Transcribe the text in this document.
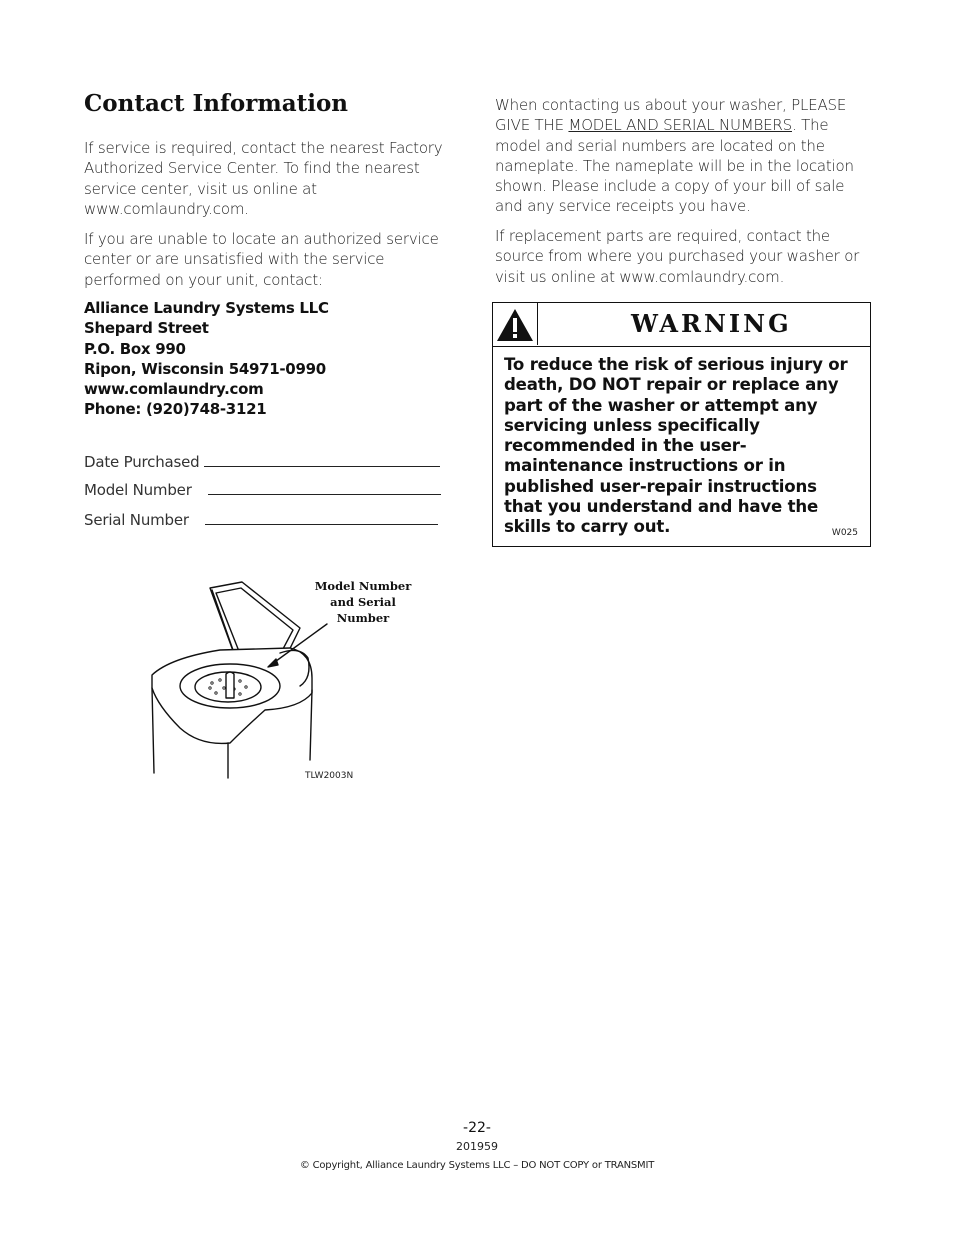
Contact Information
If service is required, contact the nearest Factory Authorized Service Center. To find the nearest service center, visit us online at www.comlaundry.com.
If you are unable to locate an authorized service center or are unsatisfied with the service performed on your unit, contact:
Alliance Laundry Systems LLC
Shepard Street
P.O. Box 990
Ripon, Wisconsin 54971-0990
www.comlaundry.com
Phone: (920)748-3121
Date Purchased
Model Number
Serial Number
When contacting us about your washer, PLEASE GIVE THE MODEL AND SERIAL NUMBERS. The model and serial numbers are located on the nameplate. The nameplate will be in the location shown. Please include a copy of your bill of sale and any service receipts you have.
If replacement parts are required, contact the source from where you purchased your washer or visit us online at www.comlaundry.com.
WARNING
To reduce the risk of serious injury or death, DO NOT repair or replace any part of the washer or attempt any servicing unless specifically recommended in the user-maintenance instructions or in published user-repair instructions that you understand and have the skills to carry out.	W025
Model Number and Serial Number
TLW2003N
-22-
201959
© Copyright, Alliance Laundry Systems LLC – DO NOT COPY or TRANSMIT
